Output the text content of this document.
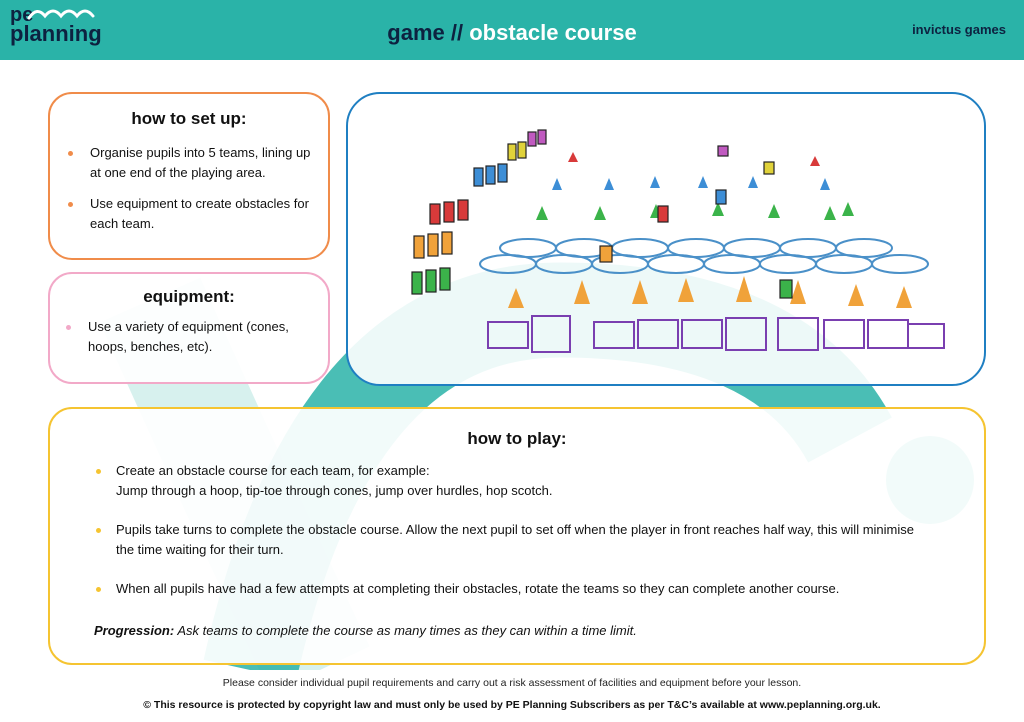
pe
planning	game // obstacle course	invictus games
how to set up:
Organise pupils into 5 teams, lining up at one end of the playing area.
Use equipment to create obstacles for each team.
equipment:
Use a variety of equipment (cones, hoops, benches, etc).
how to play:
Create an obstacle course for each team, for example:
Jump through a hoop, tip-toe through cones, jump over hurdles, hop scotch.
Pupils take turns to complete the obstacle course. Allow the next pupil to set off when the player in front reaches half way, this will minimise
the time waiting for their turn.
When all pupils have had a few attempts at completing their obstacles, rotate the teams so they can complete another course.
Progression: Ask teams to complete the course as many times as they can within a time limit.
Please consider individual pupil requirements and carry out a risk assessment of facilities and equipment before your lesson.
© This resource is protected by copyright law and must only be used by PE Planning Subscribers as per T&C’s available at www.peplanning.org.uk.
